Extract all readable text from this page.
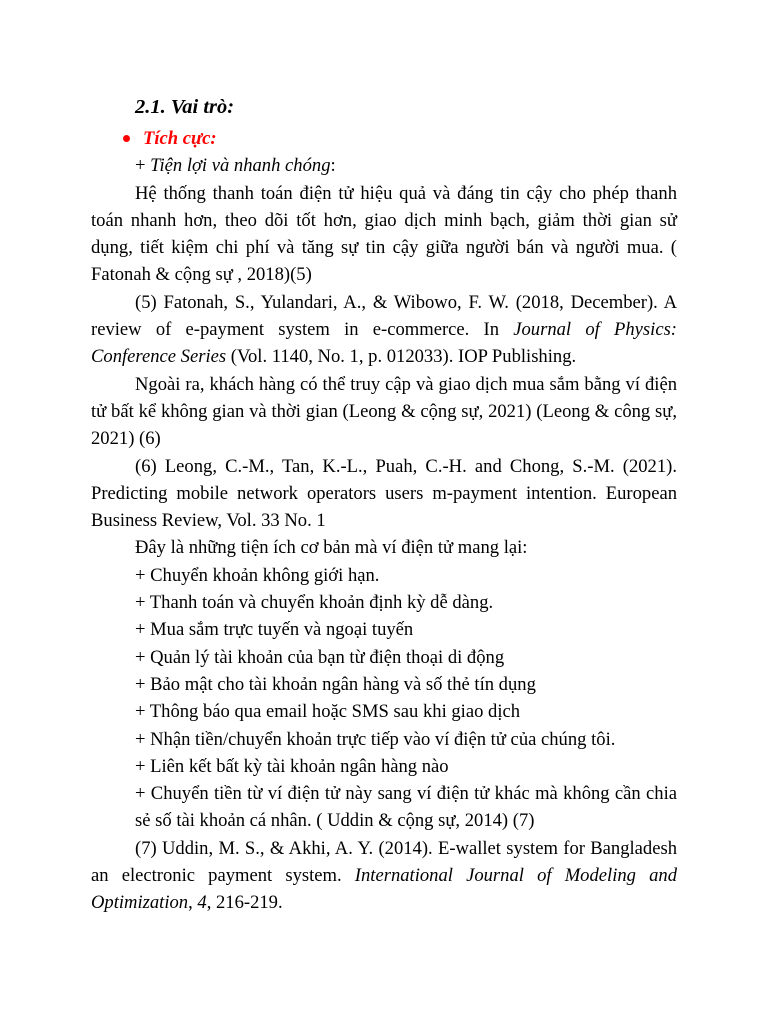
2.1. Vai trò:
Tích cực:
+ Tiện lợi và nhanh chóng:

Hệ thống thanh toán điện tử hiệu quả và đáng tin cậy cho phép thanh toán nhanh hơn, theo dõi tốt hơn, giao dịch minh bạch, giảm thời gian sử dụng, tiết kiệm chi phí và tăng sự tin cậy giữa người bán và người mua. ( Fatonah & cộng sự , 2018)(5)

(5) Fatonah, S., Yulandari, A., & Wibowo, F. W. (2018, December). A review of e-payment system in e-commerce. In Journal of Physics: Conference Series (Vol. 1140, No. 1, p. 012033). IOP Publishing.

Ngoài ra, khách hàng có thể truy cập và giao dịch mua sắm bằng ví điện tử bất kể không gian và thời gian (Leong & cộng sự, 2021) (Leong & công sự, 2021) (6)

(6) Leong, C.-M., Tan, K.-L., Puah, C.-H. and Chong, S.-M. (2021). Predicting mobile network operators users m-payment intention. European Business Review, Vol. 33 No. 1

Đây là những tiện ích cơ bản mà ví điện tử mang lại:
+ Chuyển khoản không giới hạn.
+ Thanh toán và chuyển khoản định kỳ dễ dàng.
+ Mua sắm trực tuyến và ngoại tuyến
+ Quản lý tài khoản của bạn từ điện thoại di động
+ Bảo mật cho tài khoản ngân hàng và số thẻ tín dụng
+ Thông báo qua email hoặc SMS sau khi giao dịch
+ Nhận tiền/chuyển khoản trực tiếp vào ví điện tử của chúng tôi.
+ Liên kết bất kỳ tài khoản ngân hàng nào
+ Chuyển tiền từ ví điện tử này sang ví điện tử khác mà không cần chia sẻ số tài khoản cá nhân. ( Uddin & cộng sự, 2014) (7)

(7) Uddin, M. S., & Akhi, A. Y. (2014). E-wallet system for Bangladesh an electronic payment system. International Journal of Modeling and Optimization, 4, 216-219.
